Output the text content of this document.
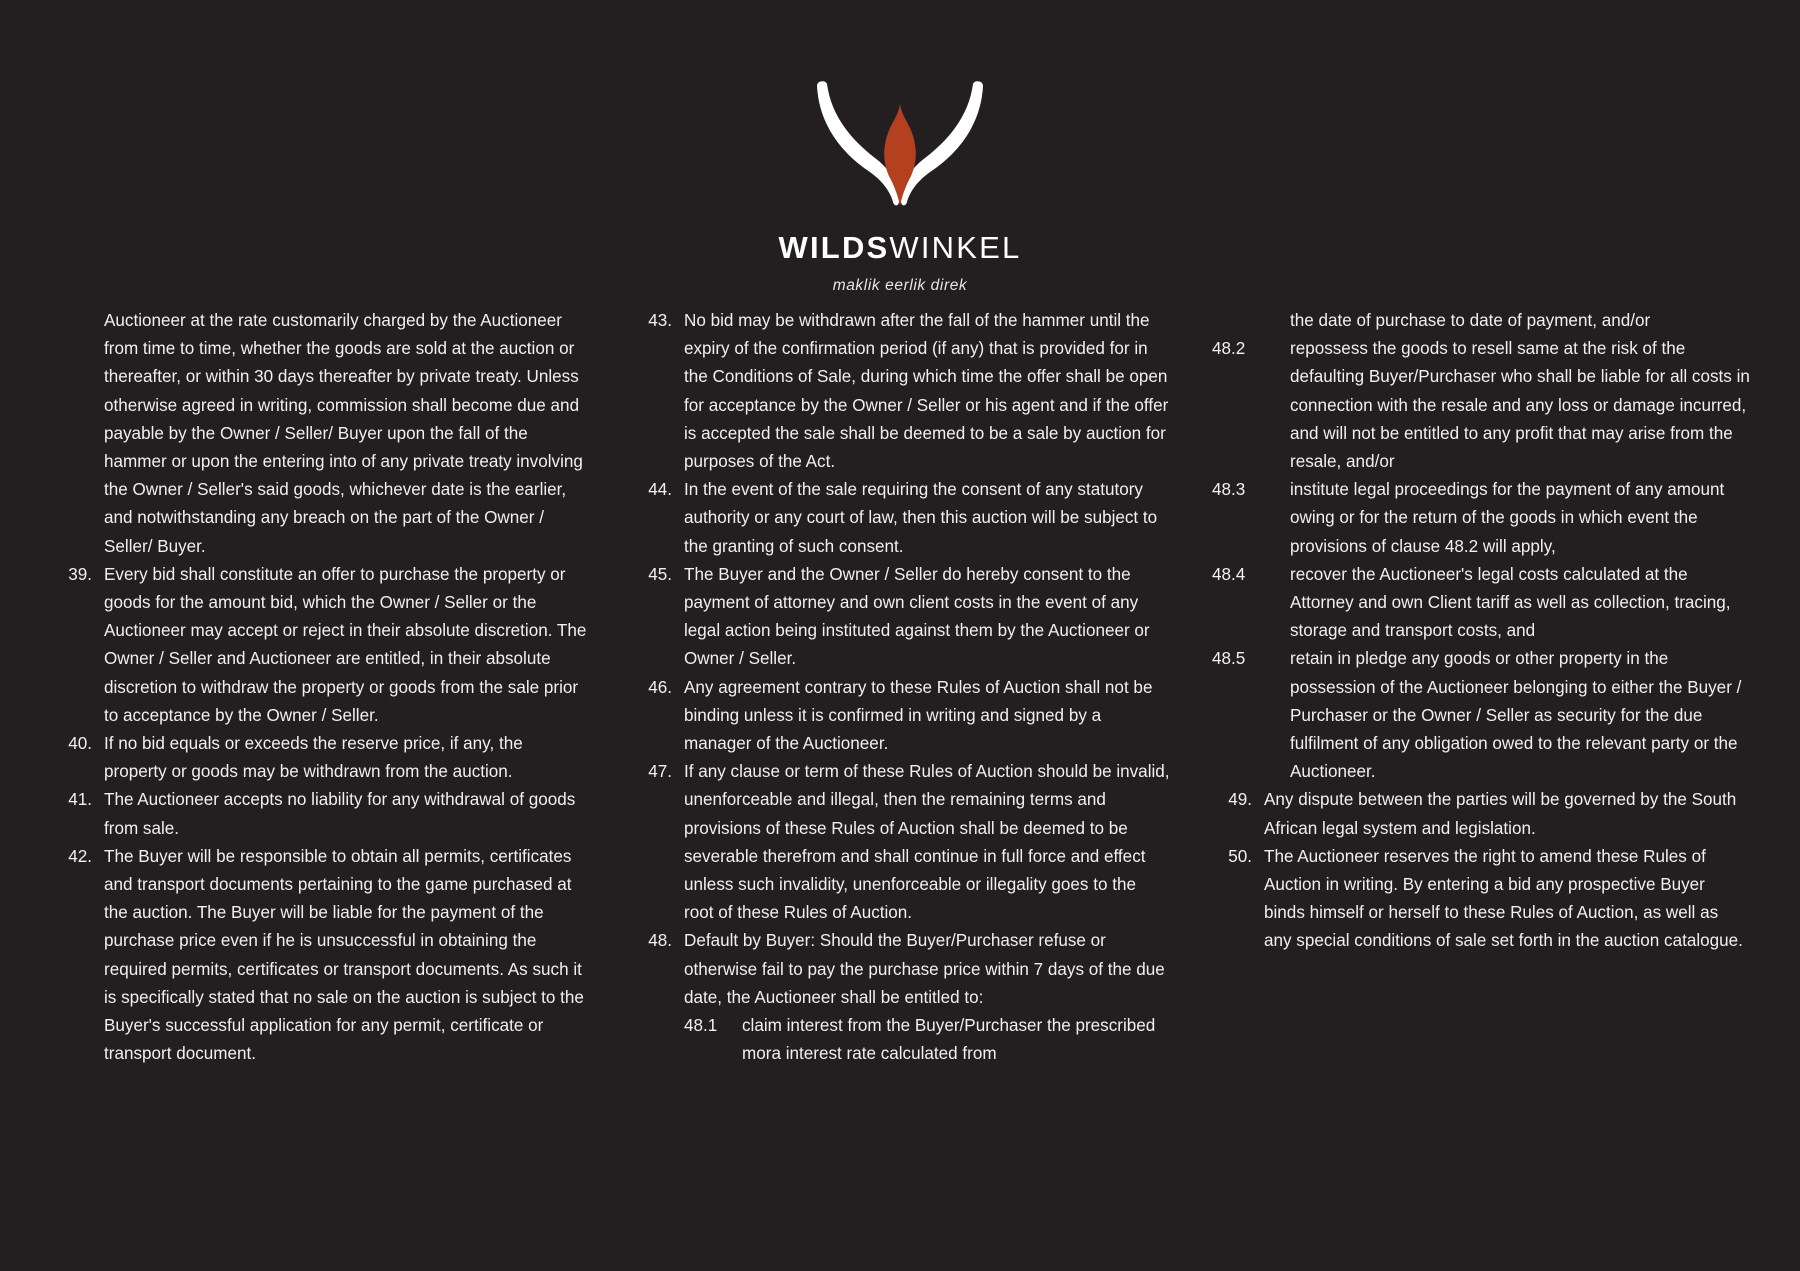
WILDSWINKEL
maklik eerlik direk
Auctioneer at the rate customarily charged by the Auctioneer from time to time, whether the goods are sold at the auction or thereafter, or within 30 days thereafter by private treaty. Unless otherwise agreed in writing, commission shall become due and payable by the Owner / Seller/ Buyer upon the fall of the hammer or upon the entering into of any private treaty involving the Owner / Seller's said goods, whichever date is the earlier, and notwithstanding any breach on the part of the Owner / Seller/ Buyer.
39. Every bid shall constitute an offer to purchase the property or goods for the amount bid, which the Owner / Seller or the Auctioneer may accept or reject in their absolute discretion. The Owner / Seller and Auctioneer are entitled, in their absolute discretion to withdraw the property or goods from the sale prior to acceptance by the Owner / Seller.
40. If no bid equals or exceeds the reserve price, if any, the property or goods may be withdrawn from the auction.
41. The Auctioneer accepts no liability for any withdrawal of goods from sale.
42. The Buyer will be responsible to obtain all permits, certificates and transport documents pertaining to the game purchased at the auction. The Buyer will be liable for the payment of the purchase price even if he is unsuccessful in obtaining the required permits, certificates or transport documents. As such it is specifically stated that no sale on the auction is subject to the Buyer's successful application for any permit, certificate or transport document.
43. No bid may be withdrawn after the fall of the hammer until the expiry of the confirmation period (if any) that is provided for in the Conditions of Sale, during which time the offer shall be open for acceptance by the Owner / Seller or his agent and if the offer is accepted the sale shall be deemed to be a sale by auction for purposes of the Act.
44. In the event of the sale requiring the consent of any statutory authority or any court of law, then this auction will be subject to the granting of such consent.
45. The Buyer and the Owner / Seller do hereby consent to the payment of attorney and own client costs in the event of any legal action being instituted against them by the Auctioneer or Owner / Seller.
46. Any agreement contrary to these Rules of Auction shall not be binding unless it is confirmed in writing and signed by a manager of the Auctioneer.
47. If any clause or term of these Rules of Auction should be invalid, unenforceable and illegal, then the remaining terms and provisions of these Rules of Auction shall be deemed to be severable therefrom and shall continue in full force and effect unless such invalidity, unenforceable or illegality goes to the root of these Rules of Auction.
48. Default by Buyer: Should the Buyer/Purchaser refuse or otherwise fail to pay the purchase price within 7 days of the due date, the Auctioneer shall be entitled to:
48.1	claim interest from the Buyer/Purchaser the prescribed mora interest rate calculated from
the date of purchase to date of payment, and/or
48.2	repossess the goods to resell same at the risk of the defaulting Buyer/Purchaser who shall be liable for all costs in connection with the resale and any loss or damage incurred, and will not be entitled to any profit that may arise from the resale, and/or
48.3	institute legal proceedings for the payment of any amount owing or for the return of the goods in which event the provisions of clause 48.2 will apply,
48.4	recover the Auctioneer's legal costs calculated at the Attorney and own Client tariff as well as collection, tracing, storage and transport costs, and
48.5	retain in pledge any goods or other property in the possession of the Auctioneer belonging to either the Buyer / Purchaser or the Owner / Seller as security for the due fulfilment of any obligation owed to the relevant party or the Auctioneer.
49. Any dispute between the parties will be governed by the South African legal system and legislation.
50. The Auctioneer reserves the right to amend these Rules of Auction in writing. By entering a bid any prospective Buyer binds himself or herself to these Rules of Auction, as well as any special conditions of sale set forth in the auction catalogue.
